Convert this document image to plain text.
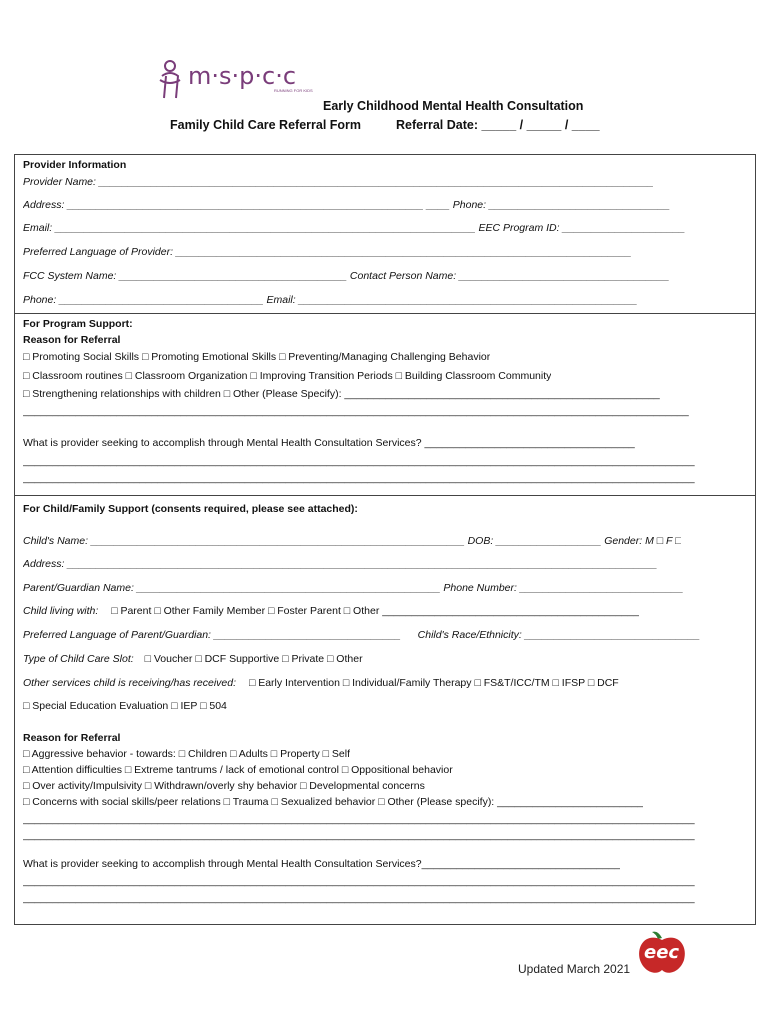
m·s·p·c·c
RUNNING FOR KIDS
Early Childhood Mental Health Consultation
Family Child Care Referral Form	Referral Date: _____ / _____ / ____
Provider Information
Provider Name: _______________________________________________________________________________________________
Address: _____________________________________________________________ ____ Phone: _______________________________
Email: ________________________________________________________________________ EEC Program ID: _____________________
Preferred Language of Provider: ______________________________________________________________________________
FCC System Name: _______________________________________ Contact Person Name: ____________________________________
Phone: ___________________________________ Email: __________________________________________________________
For Program Support:
Reason for Referral
□ Promoting Social Skills □ Promoting Emotional Skills □ Preventing/Managing Challenging Behavior
□ Classroom routines □ Classroom Organization □ Improving Transition Periods □ Building Classroom Community
□ Strengthening relationships with children □ Other (Please Specify): ______________________________________________________
__________________________________________________________________________________________________________________
What is provider seeking to accomplish through Mental Health Consultation Services? ____________________________________
___________________________________________________________________________________________________________________
___________________________________________________________________________________________________________________
For Child/Family Support (consents required, please see attached):
Child's Name: ________________________________________________________________ DOB: __________________ Gender: M □ F □
Address: _____________________________________________________________________________________________________
Parent/Guardian Name: ____________________________________________________ Phone Number: ____________________________
Child living with: □ Parent □ Other Family Member □ Foster Parent □ Other ____________________________________________
Preferred Language of Parent/Guardian: ________________________________ Child's Race/Ethnicity: ______________________________
Type of Child Care Slot: □ Voucher □ DCF Supportive □ Private □ Other
Other services child is receiving/has received: □ Early Intervention □ Individual/Family Therapy □ FS&T/ICC/TM □ IFSP □ DCF
□ Special Education Evaluation □ IEP □ 504
Reason for Referral
□ Aggressive behavior - towards: □ Children □ Adults □ Property □ Self
□ Attention difficulties □ Extreme tantrums / lack of emotional control □ Oppositional behavior
□ Over activity/Impulsivity □ Withdrawn/overly shy behavior □ Developmental concerns
□ Concerns with social skills/peer relations □ Trauma □ Sexualized behavior □ Other (Please specify): _________________________
___________________________________________________________________________________________________________________
___________________________________________________________________________________________________________________
What is provider seeking to accomplish through Mental Health Consultation Services?__________________________________
___________________________________________________________________________________________________________________
___________________________________________________________________________________________________________________
Updated March 2021
eec
